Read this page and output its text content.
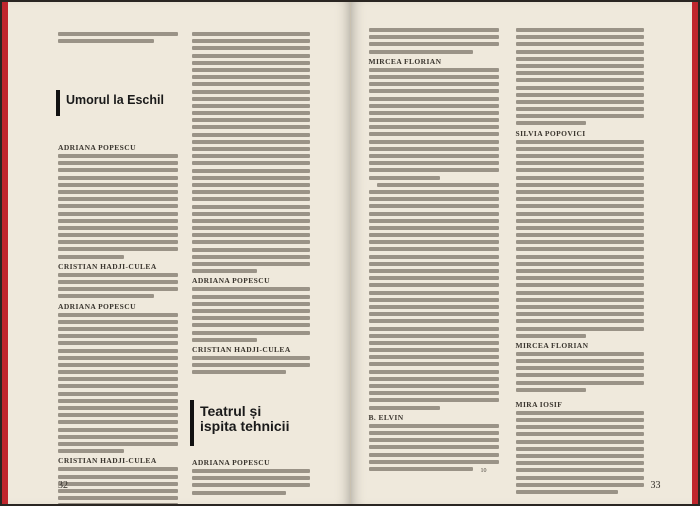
Umorul la Eschil
ADRIANA POPESCU
CRISTIAN HADJI-CULEA
ADRIANA POPESCU
CRISTIAN HADJI-CULEA
ADRIANA POPESCU
CRISTIAN HADJI-CULEA
Teatrul și
ispita tehnicii
ADRIANA POPESCU
32
MIRCEA FLORIAN
B. ELVIN
10
SILVIA POPOVICI
MIRCEA FLORIAN
MIRA IOSIF
33
